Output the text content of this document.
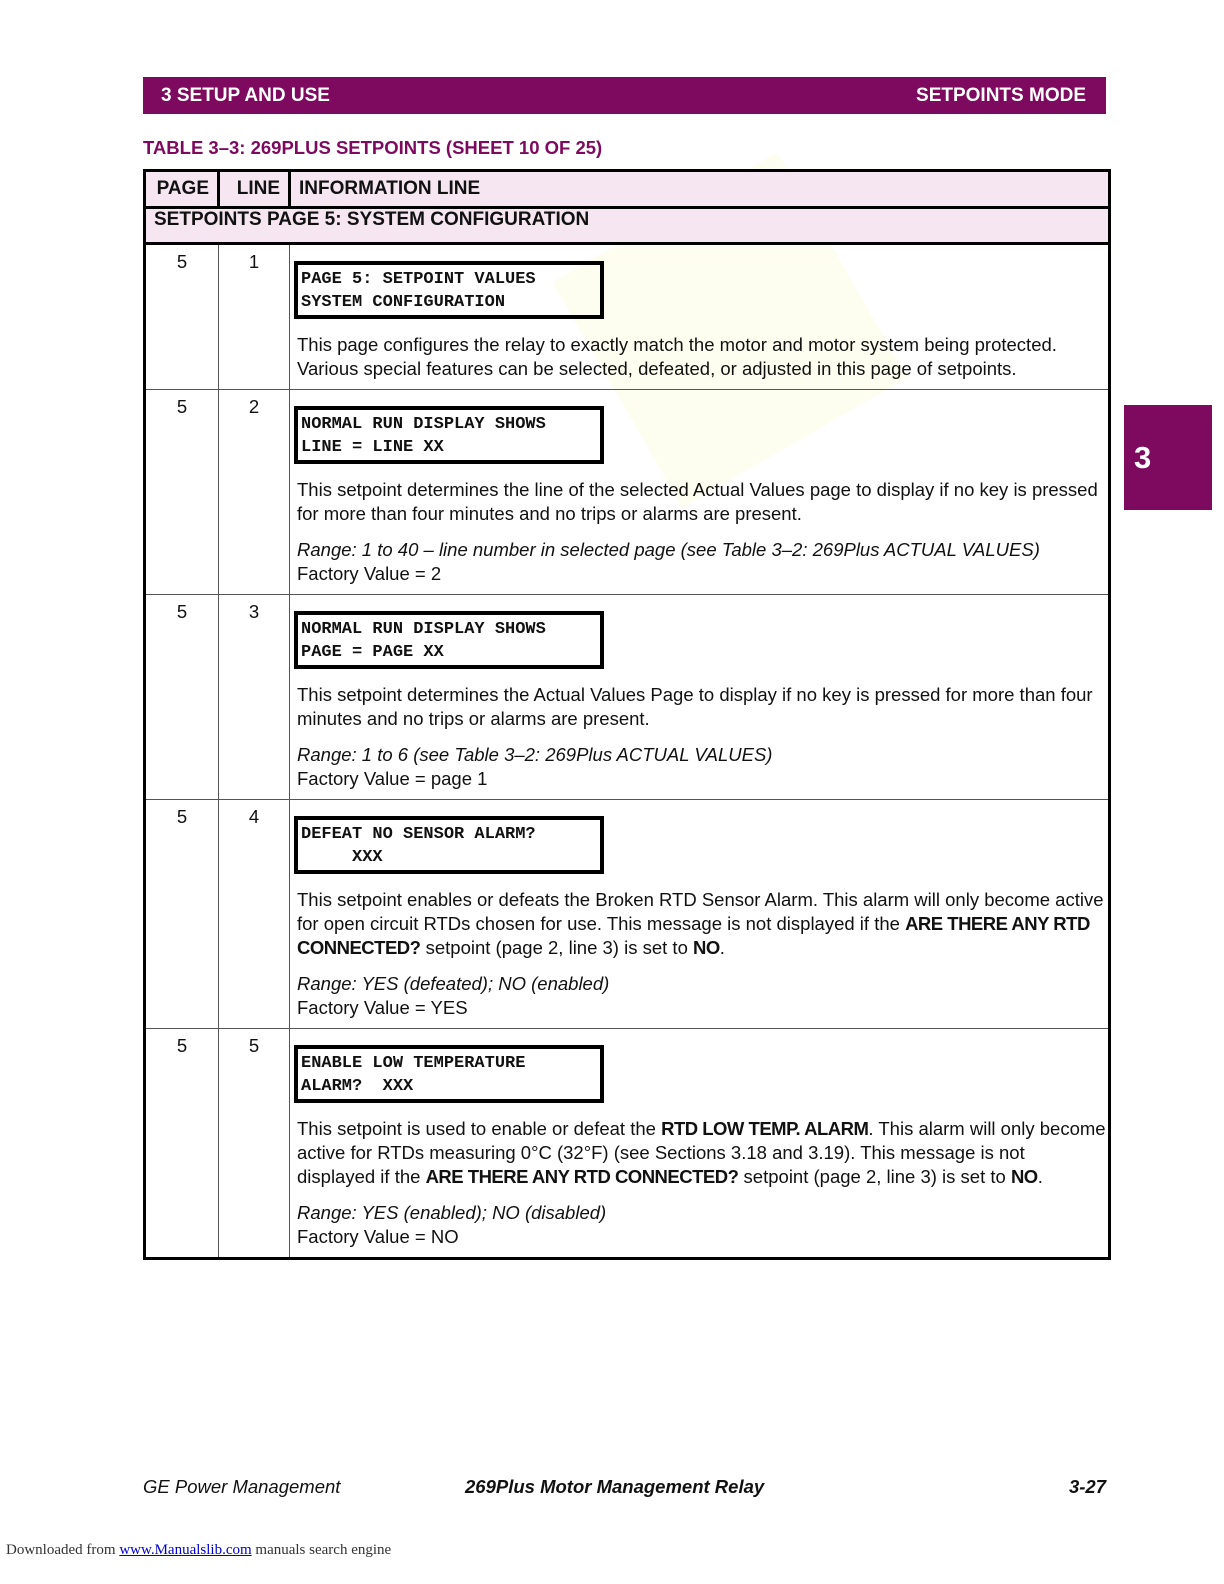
3 SETUP AND USE	SETPOINTS MODE
3
TABLE 3–3: 269PLUS SETPOINTS (SHEET 10 OF 25)
PAGE	LINE	INFORMATION LINE
SETPOINTS PAGE 5: SYSTEM CONFIGURATION		
5	1	PAGE 5: SETPOINT VALUES
SYSTEM CONFIGURATION

This page configures the relay to exactly match the motor and motor system being protected. Various special features can be selected, defeated, or adjusted in this page of setpoints.

5	2	NORMAL RUN DISPLAY SHOWS
LINE = LINE XX

This setpoint determines the line of the selected Actual Values page to display if no key is pressed for more than four minutes and no trips or alarms are present.

Range: 1 to 40 – line number in selected page (see Table 3–2: 269Plus ACTUAL VALUES)

Factory Value = 2

5	3	NORMAL RUN DISPLAY SHOWS
PAGE = PAGE XX

This setpoint determines the Actual Values Page to display if no key is pressed for more than four minutes and no trips or alarms are present.

Range: 1 to 6 (see Table 3–2: 269Plus ACTUAL VALUES)

Factory Value = page 1

5	4	DEFEAT NO SENSOR ALARM?
XXX

This setpoint enables or defeats the Broken RTD Sensor Alarm. This alarm will only become active for open circuit RTDs chosen for use. This message is not displayed if the ARE THERE ANY RTD CONNECTED? setpoint (page 2, line 3) is set to NO.

Range: YES (defeated); NO (enabled)

Factory Value = YES

5	5	ENABLE LOW TEMPERATURE
ALARM?  XXX

This setpoint is used to enable or defeat the RTD LOW TEMP. ALARM. This alarm will only become active for RTDs measuring 0°C (32°F) (see Sections 3.18 and 3.19). This message is not displayed if the ARE THERE ANY RTD CONNECTED? setpoint (page 2, line 3) is set to NO.

Range: YES (enabled); NO (disabled)

Factory Value = NO

GE Power Management	269Plus Motor Management Relay	3-27
Downloaded from www.Manualslib.com manuals search engine
